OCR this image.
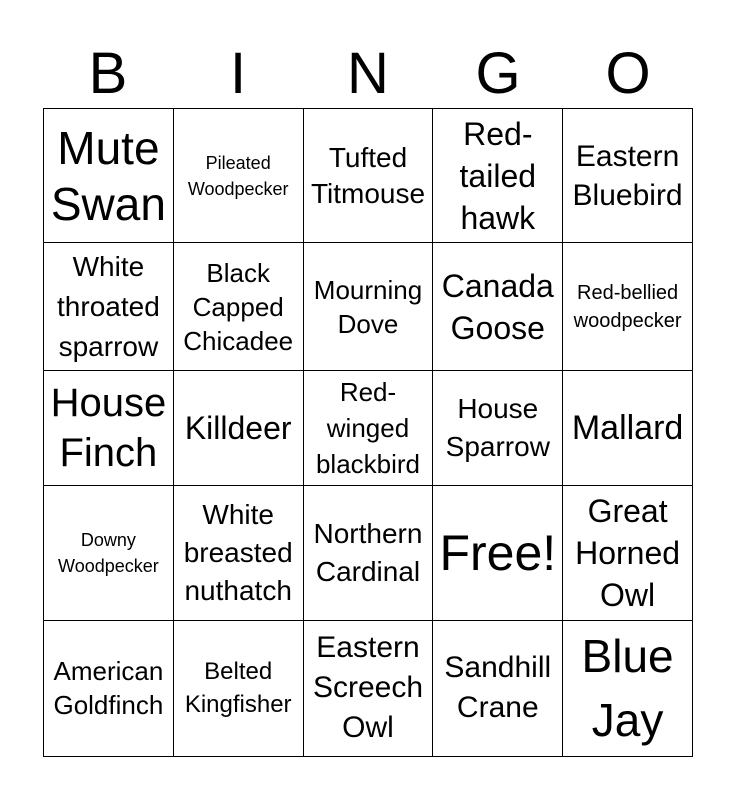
B	I	N	G	O
Mute Swan	Pileated Woodpecker	Tufted Titmouse	Red-tailed hawk	Eastern Bluebird

White throated sparrow	Black Capped Chicadee	Mourning Dove	Canada Goose	Red-bellied woodpecker

House Finch	Killdeer	Red-winged blackbird	House Sparrow	Mallard

Downy Woodpecker	White breasted nuthatch	Northern Cardinal	Free!	Great Horned Owl

American Goldfinch	Belted Kingfisher	Eastern Screech Owl	Sandhill Crane	Blue Jay
